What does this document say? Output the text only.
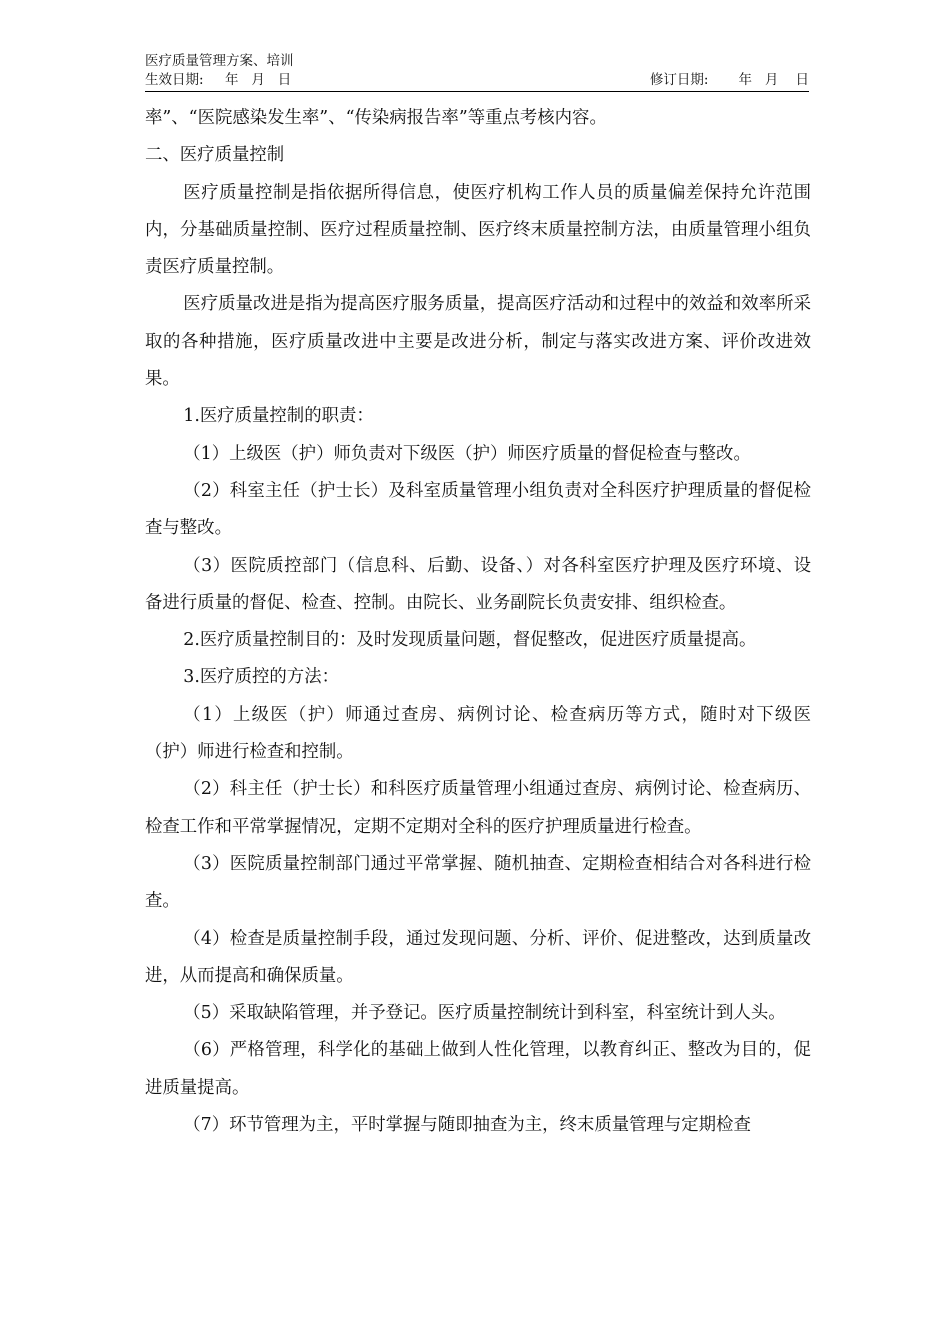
医疗质量管理方案、培训
生效日期:     年   月   日	修订日期:       年   月    日

率”、“医院感染发生率”、“传染病报告率”等重点考核内容。

二、医疗质量控制

医疗质量控制是指依据所得信息，使医疗机构工作人员的质量偏差保持允许范围内，分基础质量控制、医疗过程质量控制、医疗终末质量控制方法，由质量管理小组负责医疗质量控制。

医疗质量改进是指为提高医疗服务质量，提高医疗活动和过程中的效益和效率所采取的各种措施，医疗质量改进中主要是改进分析，制定与落实改进方案、评价改进效果。

1.医疗质量控制的职责：

（1）上级医（护）师负责对下级医（护）师医疗质量的督促检查与整改。

（2）科室主任（护士长）及科室质量管理小组负责对全科医疗护理质量的督促检查与整改。

（3）医院质控部门（信息科、后勤、设备、）对各科室医疗护理及医疗环境、设备进行质量的督促、检查、控制。由院长、业务副院长负责安排、组织检查。

2.医疗质量控制目的：及时发现质量问题，督促整改，促进医疗质量提高。

3.医疗质控的方法：

（1）上级医（护）师通过查房、病例讨论、检查病历等方式，随时对下级医（护）师进行检查和控制。

（2）科主任（护士长）和科医疗质量管理小组通过查房、病例讨论、检查病历、检查工作和平常掌握情况，定期不定期对全科的医疗护理质量进行检查。

（3）医院质量控制部门通过平常掌握、随机抽查、定期检查相结合对各科进行检查。

（4）检查是质量控制手段，通过发现问题、分析、评价、促进整改，达到质量改进，从而提高和确保质量。

（5）采取缺陷管理，并予登记。医疗质量控制统计到科室，科室统计到人头。

（6）严格管理，科学化的基础上做到人性化管理，以教育纠正、整改为目的，促进质量提高。

（7）环节管理为主，平时掌握与随即抽查为主，终末质量管理与定期检查
